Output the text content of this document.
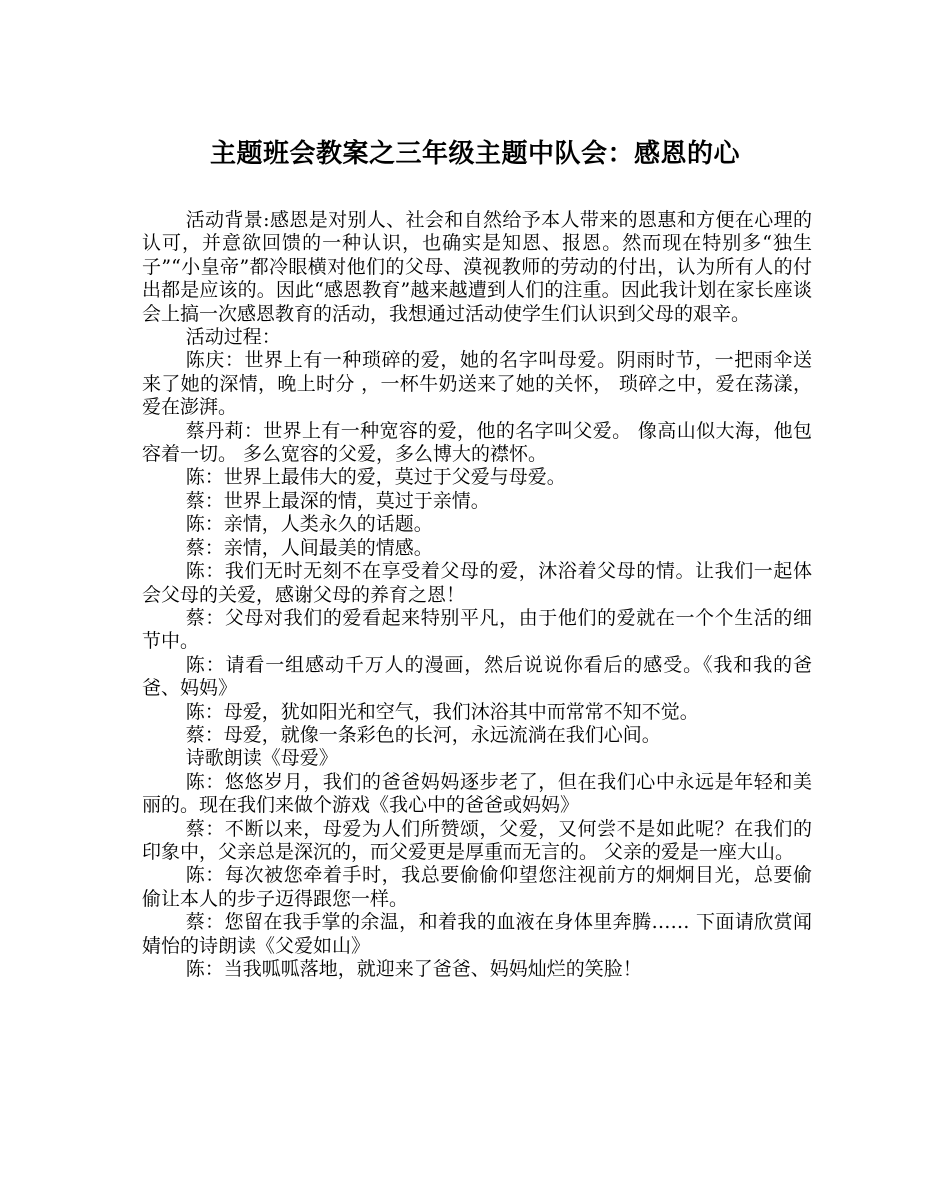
主题班会教案之三年级主题中队会：感恩的心

活动背景:感恩是对别人、社会和自然给予本人带来的恩惠和方便在心理的认可，并意欲回馈的一种认识，也确实是知恩、报恩。然而现在特别多“独生子”“小皇帝”都冷眼横对他们的父母、漠视教师的劳动的付出，认为所有人的付出都是应该的。因此“感恩教育”越来越遭到人们的注重。因此我计划在家长座谈会上搞一次感恩教育的活动，我想通过活动使学生们认识到父母的艰辛。

活动过程：

陈庆：世界上有一种琐碎的爱，她的名字叫母爱。阴雨时节，一把雨伞送来了她的深情，晚上时分 ，一杯牛奶送来了她的关怀， 琐碎之中，爱在荡漾，爱在澎湃。

蔡丹莉：世界上有一种宽容的爱，他的名字叫父爱。 像高山似大海，他包容着一切。 多么宽容的父爱，多么博大的襟怀。

陈：世界上最伟大的爱，莫过于父爱与母爱。

蔡：世界上最深的情，莫过于亲情。

陈：亲情，人类永久的话题。

蔡：亲情，人间最美的情感。

陈：我们无时无刻不在享受着父母的爱，沐浴着父母的情。让我们一起体会父母的关爱，感谢父母的养育之恩！

蔡：父母对我们的爱看起来特别平凡，由于他们的爱就在一个个生活的细节中。

陈：请看一组感动千万人的漫画，然后说说你看后的感受。《我和我的爸爸、妈妈》

陈：母爱，犹如阳光和空气，我们沐浴其中而常常不知不觉。

蔡：母爱，就像一条彩色的长河，永远流淌在我们心间。

诗歌朗读《母爱》

陈：悠悠岁月，我们的爸爸妈妈逐步老了，但在我们心中永远是年轻和美丽的。现在我们来做个游戏《我心中的爸爸或妈妈》

蔡：不断以来，母爱为人们所赞颂，父爱，又何尝不是如此呢？在我们的印象中，父亲总是深沉的，而父爱更是厚重而无言的。 父亲的爱是一座大山。

陈：每次被您牵着手时，我总要偷偷仰望您注视前方的炯炯目光，总要偷偷让本人的步子迈得跟您一样。

蔡：您留在我手掌的余温，和着我的血液在身体里奔腾…… 下面请欣赏闻婧怡的诗朗读《父爱如山》

陈：当我呱呱落地，就迎来了爸爸、妈妈灿烂的笑脸！
